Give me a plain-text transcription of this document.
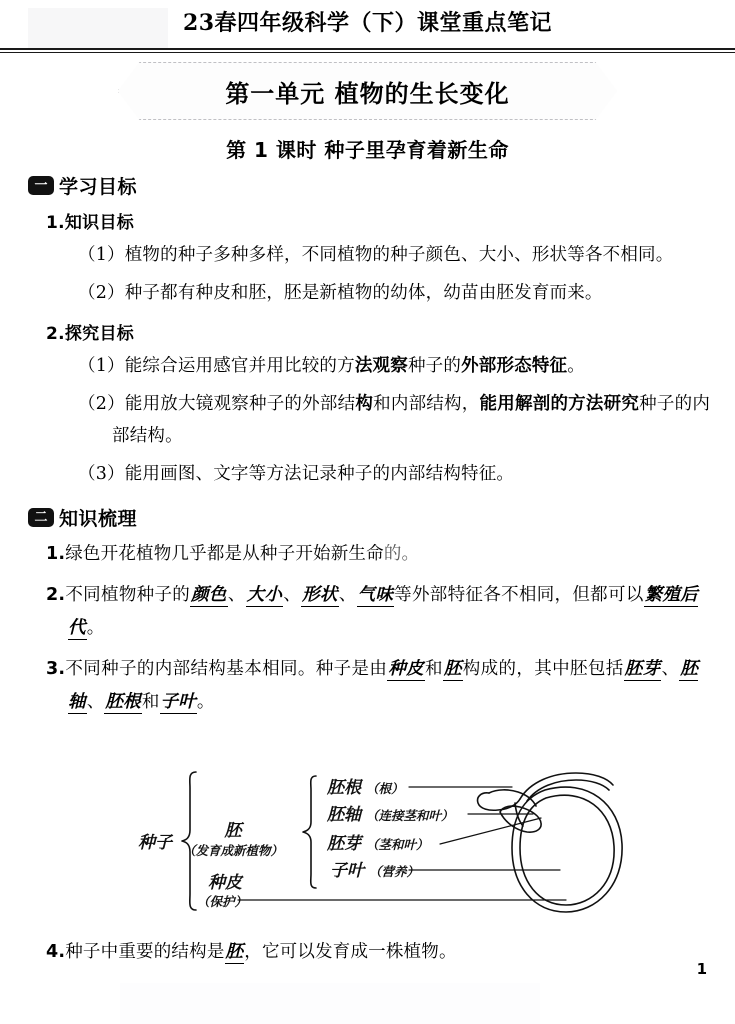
23春四年级科学（下）课堂重点笔记
第一单元 植物的生长变化
第 1 课时 种子里孕育着新生命
一 学习目标
1.知识目标
（1）植物的种子多种多样，不同植物的种子颜色、大小、形状等各不相同。
（2）种子都有种皮和胚，胚是新植物的幼体，幼苗由胚发育而来。
2.探究目标
（1）能综合运用感官并用比较的方法观察种子的外部形态特征。
（2）能用放大镜观察种子的外部结构和内部结构，能用解剖的方法研究种子的内部结构。
（3）能用画图、文字等方法记录种子的内部结构特征。
二 知识梳理
1.绿色开花植物几乎都是从种子开始新生命的。
2.不同植物种子的颜色、大小、形状、气味等外部特征各不相同，但都可以繁殖后代。
3.不同种子的内部结构基本相同。种子是由种皮和胚构成的，其中胚包括胚芽、胚轴、胚根和子叶。
种子
胚
（发育成新植物）
种皮
（保护）
胚根 （根）
胚轴 （连接茎和叶）
胚芽 （茎和叶）
子叶 （营养）
4.种子中重要的结构是胚，它可以发育成一株植物。
1
